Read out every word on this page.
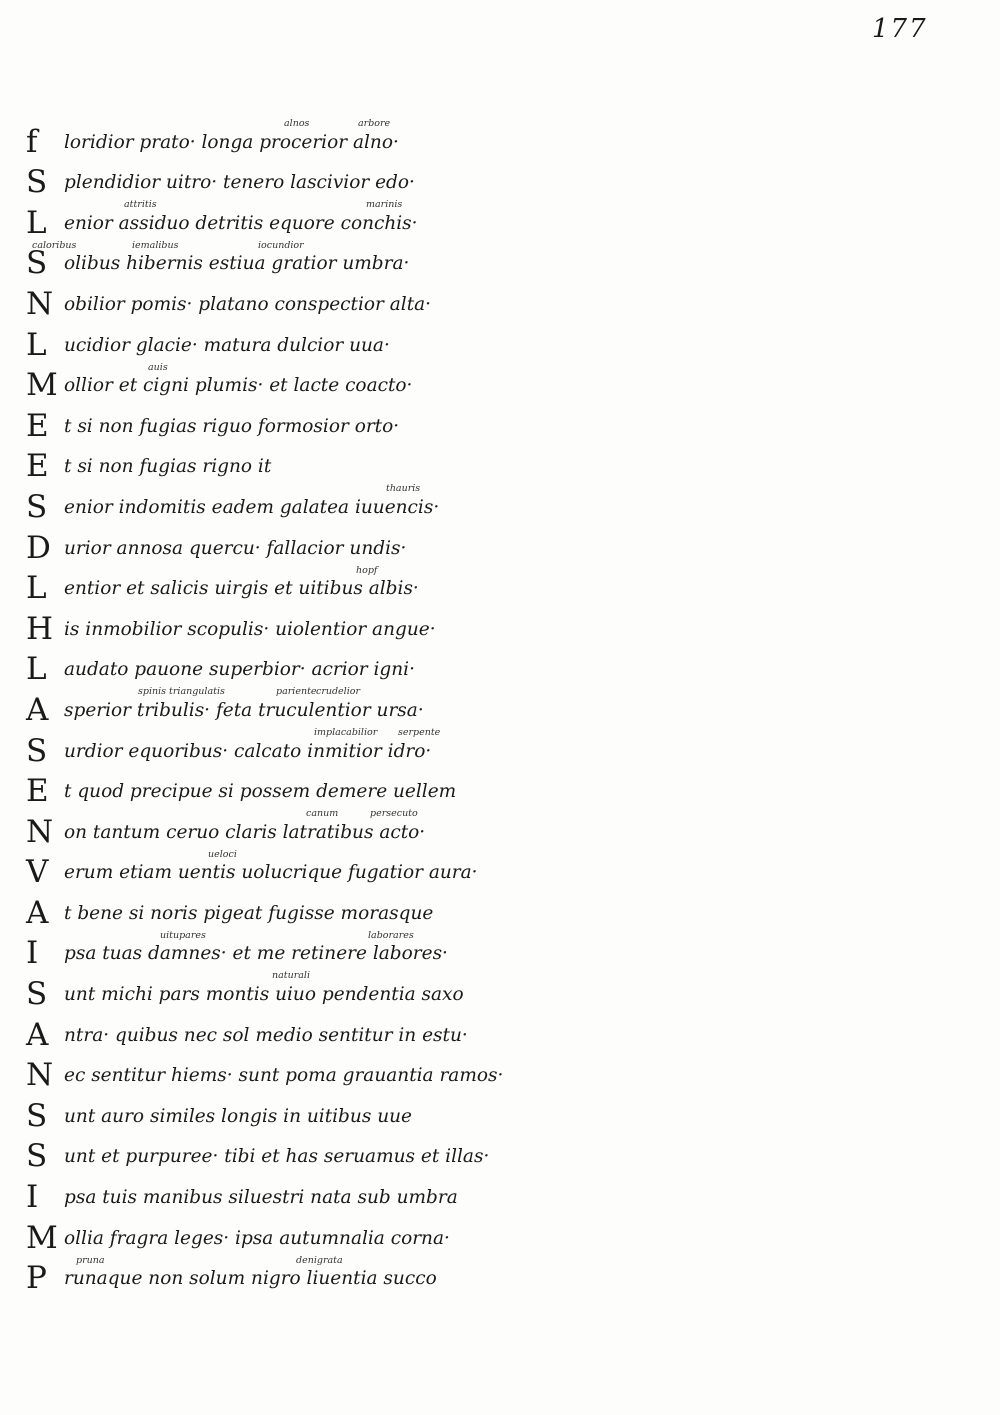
177
f	loridior prato· longa procerior alno·
alnos	arbore
S plendidior uitro· tenero lascivior edo·
L enior assiduo detritis equore conchis·
attritis	marinis
S olibus hibernis estiua gratior umbra·
caloribus	iemalibus	iocundior
N obilior pomis· platano conspectior alta·
L ucidior glacie· matura dulcior uua·
M ollior et cigni plumis· et lacte coacto·
auis
E t si non fugias riguo formosior orto·
E t si non fugias rigno it
S enior indomitis eadem galatea iuuencis·
thauris
D urior annosa quercu· fallacior undis·
L entior et salicis uirgis et uitibus albis·
hopf
H is inmobilior scopulis· uiolentior angue·
L audato pauone superbior· acrior igni·
A sperior tribulis· feta truculentior ursa·
spinis triangulatis	pariente crudelior
S urdior equoribus· calcato inmitior idro·
implacabilior serpente
E t quod precipue si possem demere uellem
N on tantum ceruo claris latratibus acto·
canum	persecuto
V erum etiam uentis uolucrique fugatior aura·
ueloci
A t bene si noris pigeat fugisse morasque
I	psa tuas damnes· et me retinere labores·
uitupares	laborares
S unt michi pars montis uiuo pendentia saxo
naturali
A ntra· quibus nec sol medio sentitur in estu·
N ec sentitur hiems· sunt poma grauantia ramos·
S unt auro similes longis in uitibus uue
S unt et purpuree· tibi et has seruamus et illas·
I	psa tuis manibus siluestri nata sub umbra
M ollia fragra leges· ipsa autumnalia corna·
P runaque non solum nigro liuentia succo
pruna	denigrata
